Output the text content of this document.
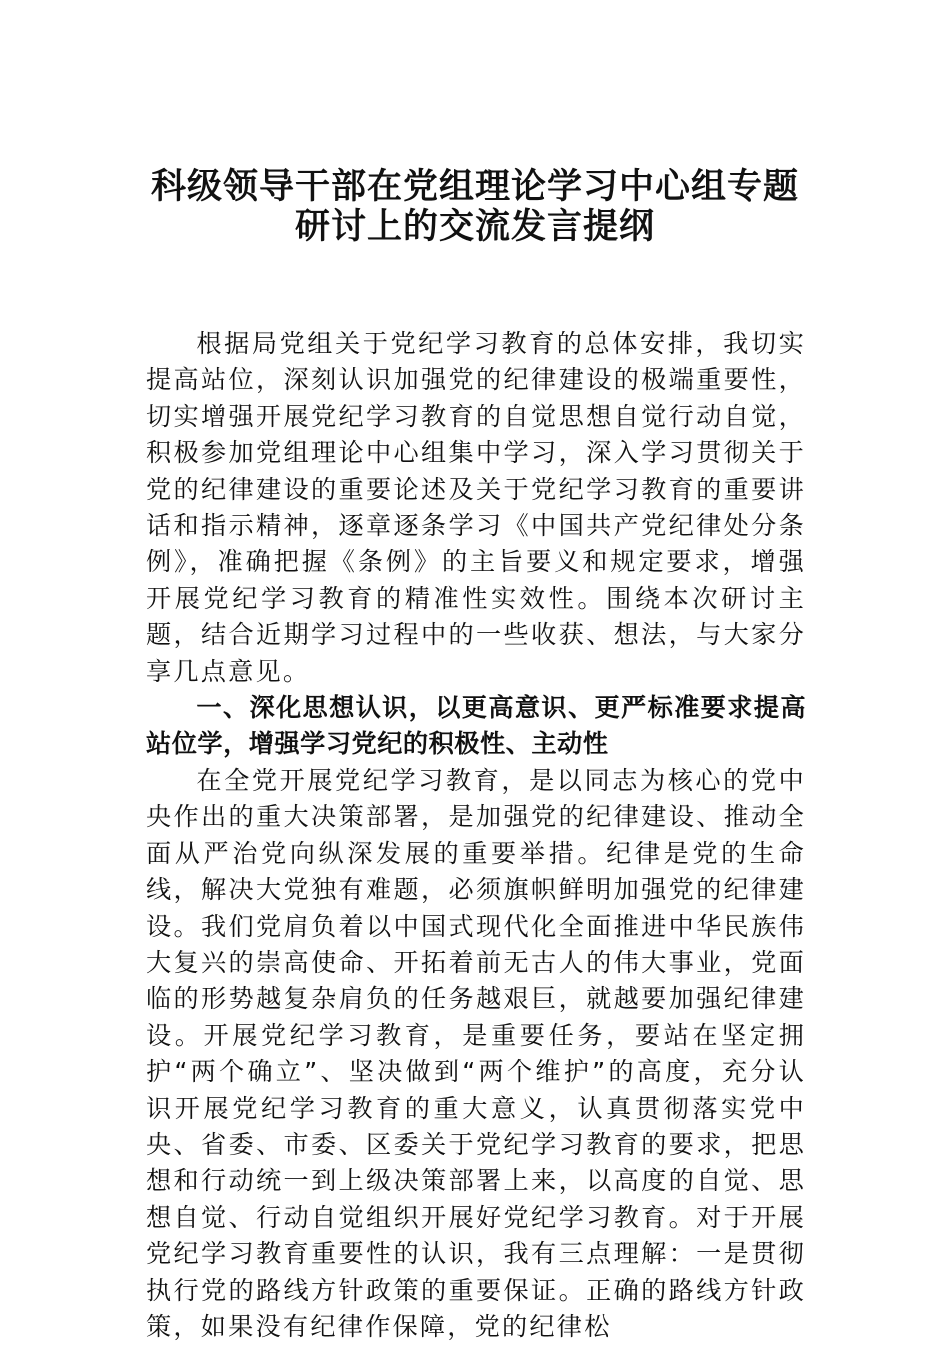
科级领导干部在党组理论学习中心组专题
研讨上的交流发言提纲

根据局党组关于党纪学习教育的总体安排，我切实提高站位，深刻认识加强党的纪律建设的极端重要性，切实增强开展党纪学习教育的自觉思想自觉行动自觉，积极参加党组理论中心组集中学习，深入学习贯彻关于党的纪律建设的重要论述及关于党纪学习教育的重要讲话和指示精神，逐章逐条学习《中国共产党纪律处分条例》，准确把握《条例》的主旨要义和规定要求，增强开展党纪学习教育的精准性实效性。围绕本次研讨主题，结合近期学习过程中的一些收获、想法，与大家分享几点意见。

一、深化思想认识，以更高意识、更严标准要求提高站位学，增强学习党纪的积极性、主动性

在全党开展党纪学习教育，是以同志为核心的党中央作出的重大决策部署，是加强党的纪律建设、推动全面从严治党向纵深发展的重要举措。纪律是党的生命线，解决大党独有难题，必须旗帜鲜明加强党的纪律建设。我们党肩负着以中国式现代化全面推进中华民族伟大复兴的崇高使命、开拓着前无古人的伟大事业，党面临的形势越复杂肩负的任务越艰巨，就越要加强纪律建设。开展党纪学习教育，是重要任务，要站在坚定拥护“两个确立”、坚决做到“两个维护”的高度，充分认识开展党纪学习教育的重大意义，认真贯彻落实党中央、省委、市委、区委关于党纪学习教育的要求，把思想和行动统一到上级决策部署上来，以高度的自觉、思想自觉、行动自觉组织开展好党纪学习教育。对于开展党纪学习教育重要性的认识，我有三点理解：一是贯彻执行党的路线方针政策的重要保证。正确的路线方针政策，如果没有纪律作保障，党的纪律松
